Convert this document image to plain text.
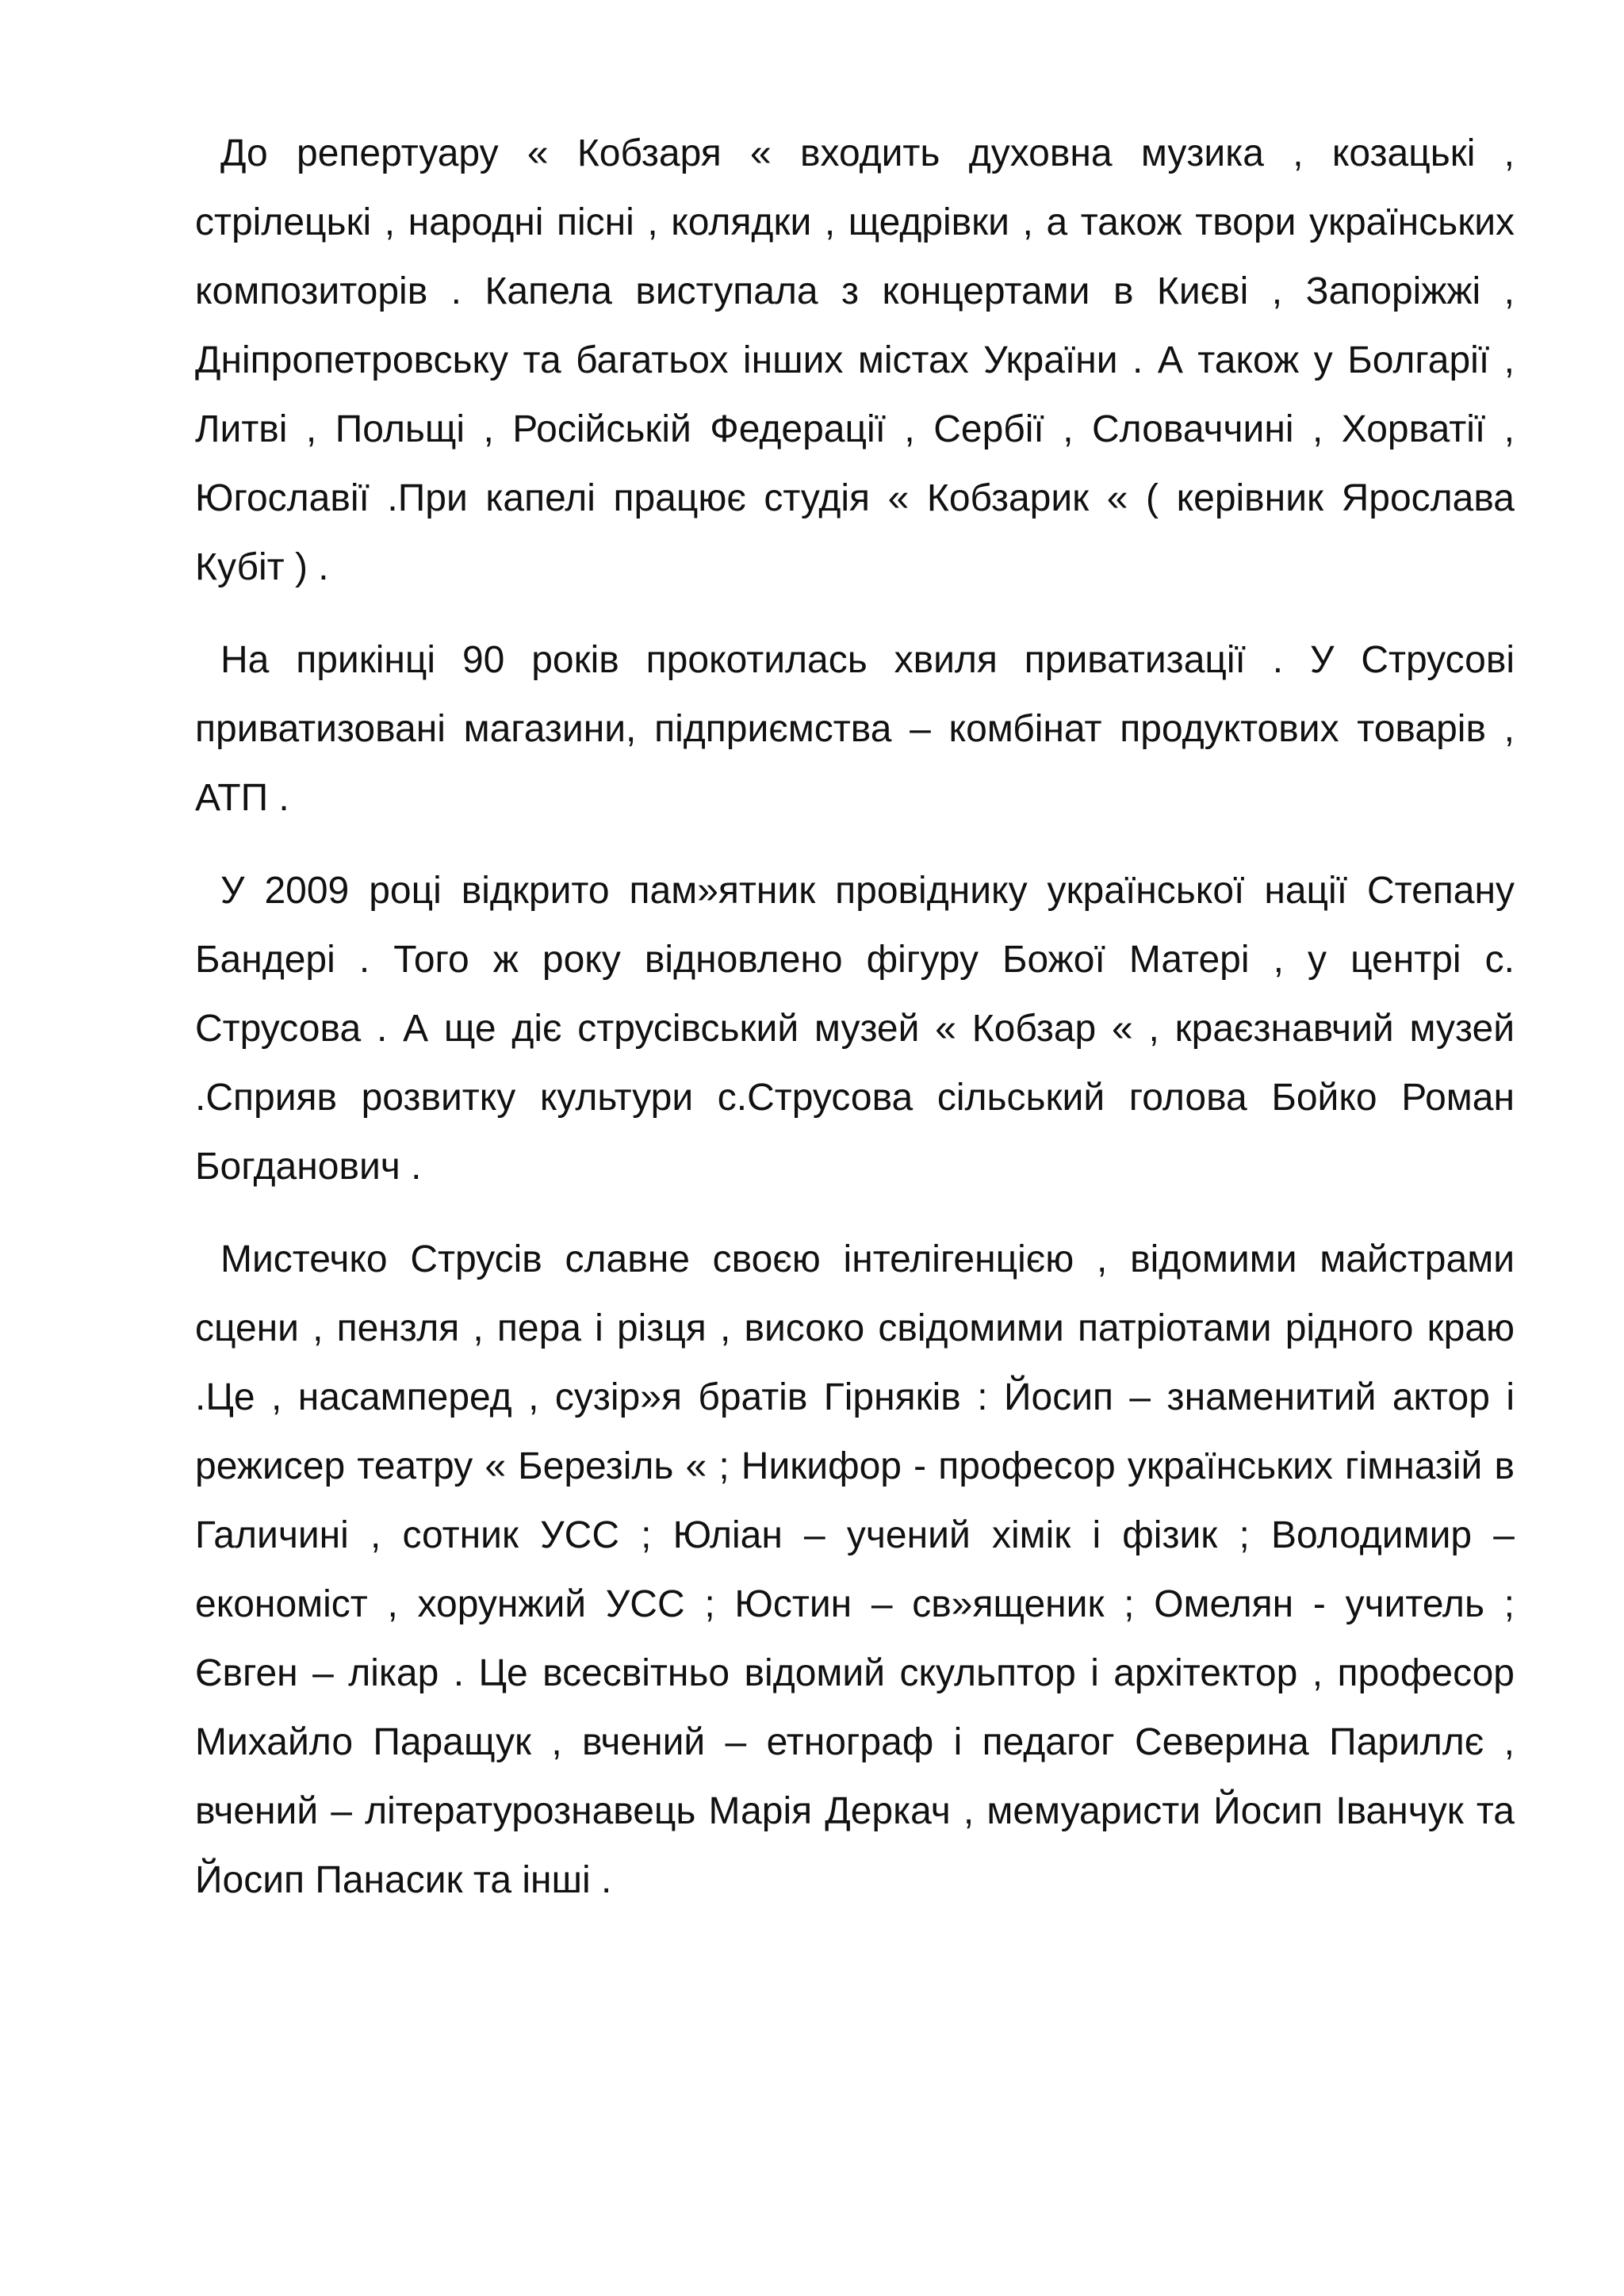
До репертуару « Кобзаря « входить духовна музика , козацькі , стрілецькі , народні пісні , колядки , щедрівки , а також твори українських композиторів . Капела виступала з концертами в Києві , Запоріжжі , Дніпропетровську та багатьох інших містах України . А також у Болгарії , Литві , Польщі , Російській Федерації , Сербії , Словаччині , Хорватії , Югославії .При капелі працює студія « Кобзарик « ( керівник Ярослава Кубіт ) .

На прикінці 90 років прокотилась хвиля приватизації . У Струсові приватизовані магазини, підприємства – комбінат продуктових товарів , АТП .

У 2009 році відкрито пам»ятник провіднику української нації Степану Бандері . Того ж року відновлено фігуру Божої Матері , у центрі с. Струсова . А ще діє струсівський музей « Кобзар « , краєзнавчий музей .Сприяв розвитку культури с.Струсова сільський голова Бойко Роман Богданович .

Мистечко Струсів славне своєю інтелігенцією , відомими майстрами сцени , пензля , пера і різця , високо свідомими патріотами рідного краю .Це , насамперед , сузір»я братів Гірняків : Йосип – знаменитий актор і режисер театру « Березіль « ; Никифор - професор українських гімназій в Галичині , сотник УСС ; Юліан – учений хімік і фізик ; Володимир – економіст , хорунжий УСС ; Юстин – св»ященик ; Омелян - учитель ; Євген – лікар . Це всесвітньо відомий скульптор і архітектор , професор Михайло Паращук , вчений – етнограф і педагог Северина Париллє , вчений – літературознавець Марія Деркач , мемуаристи Йосип Іванчук та Йосип Панасик та інші .
